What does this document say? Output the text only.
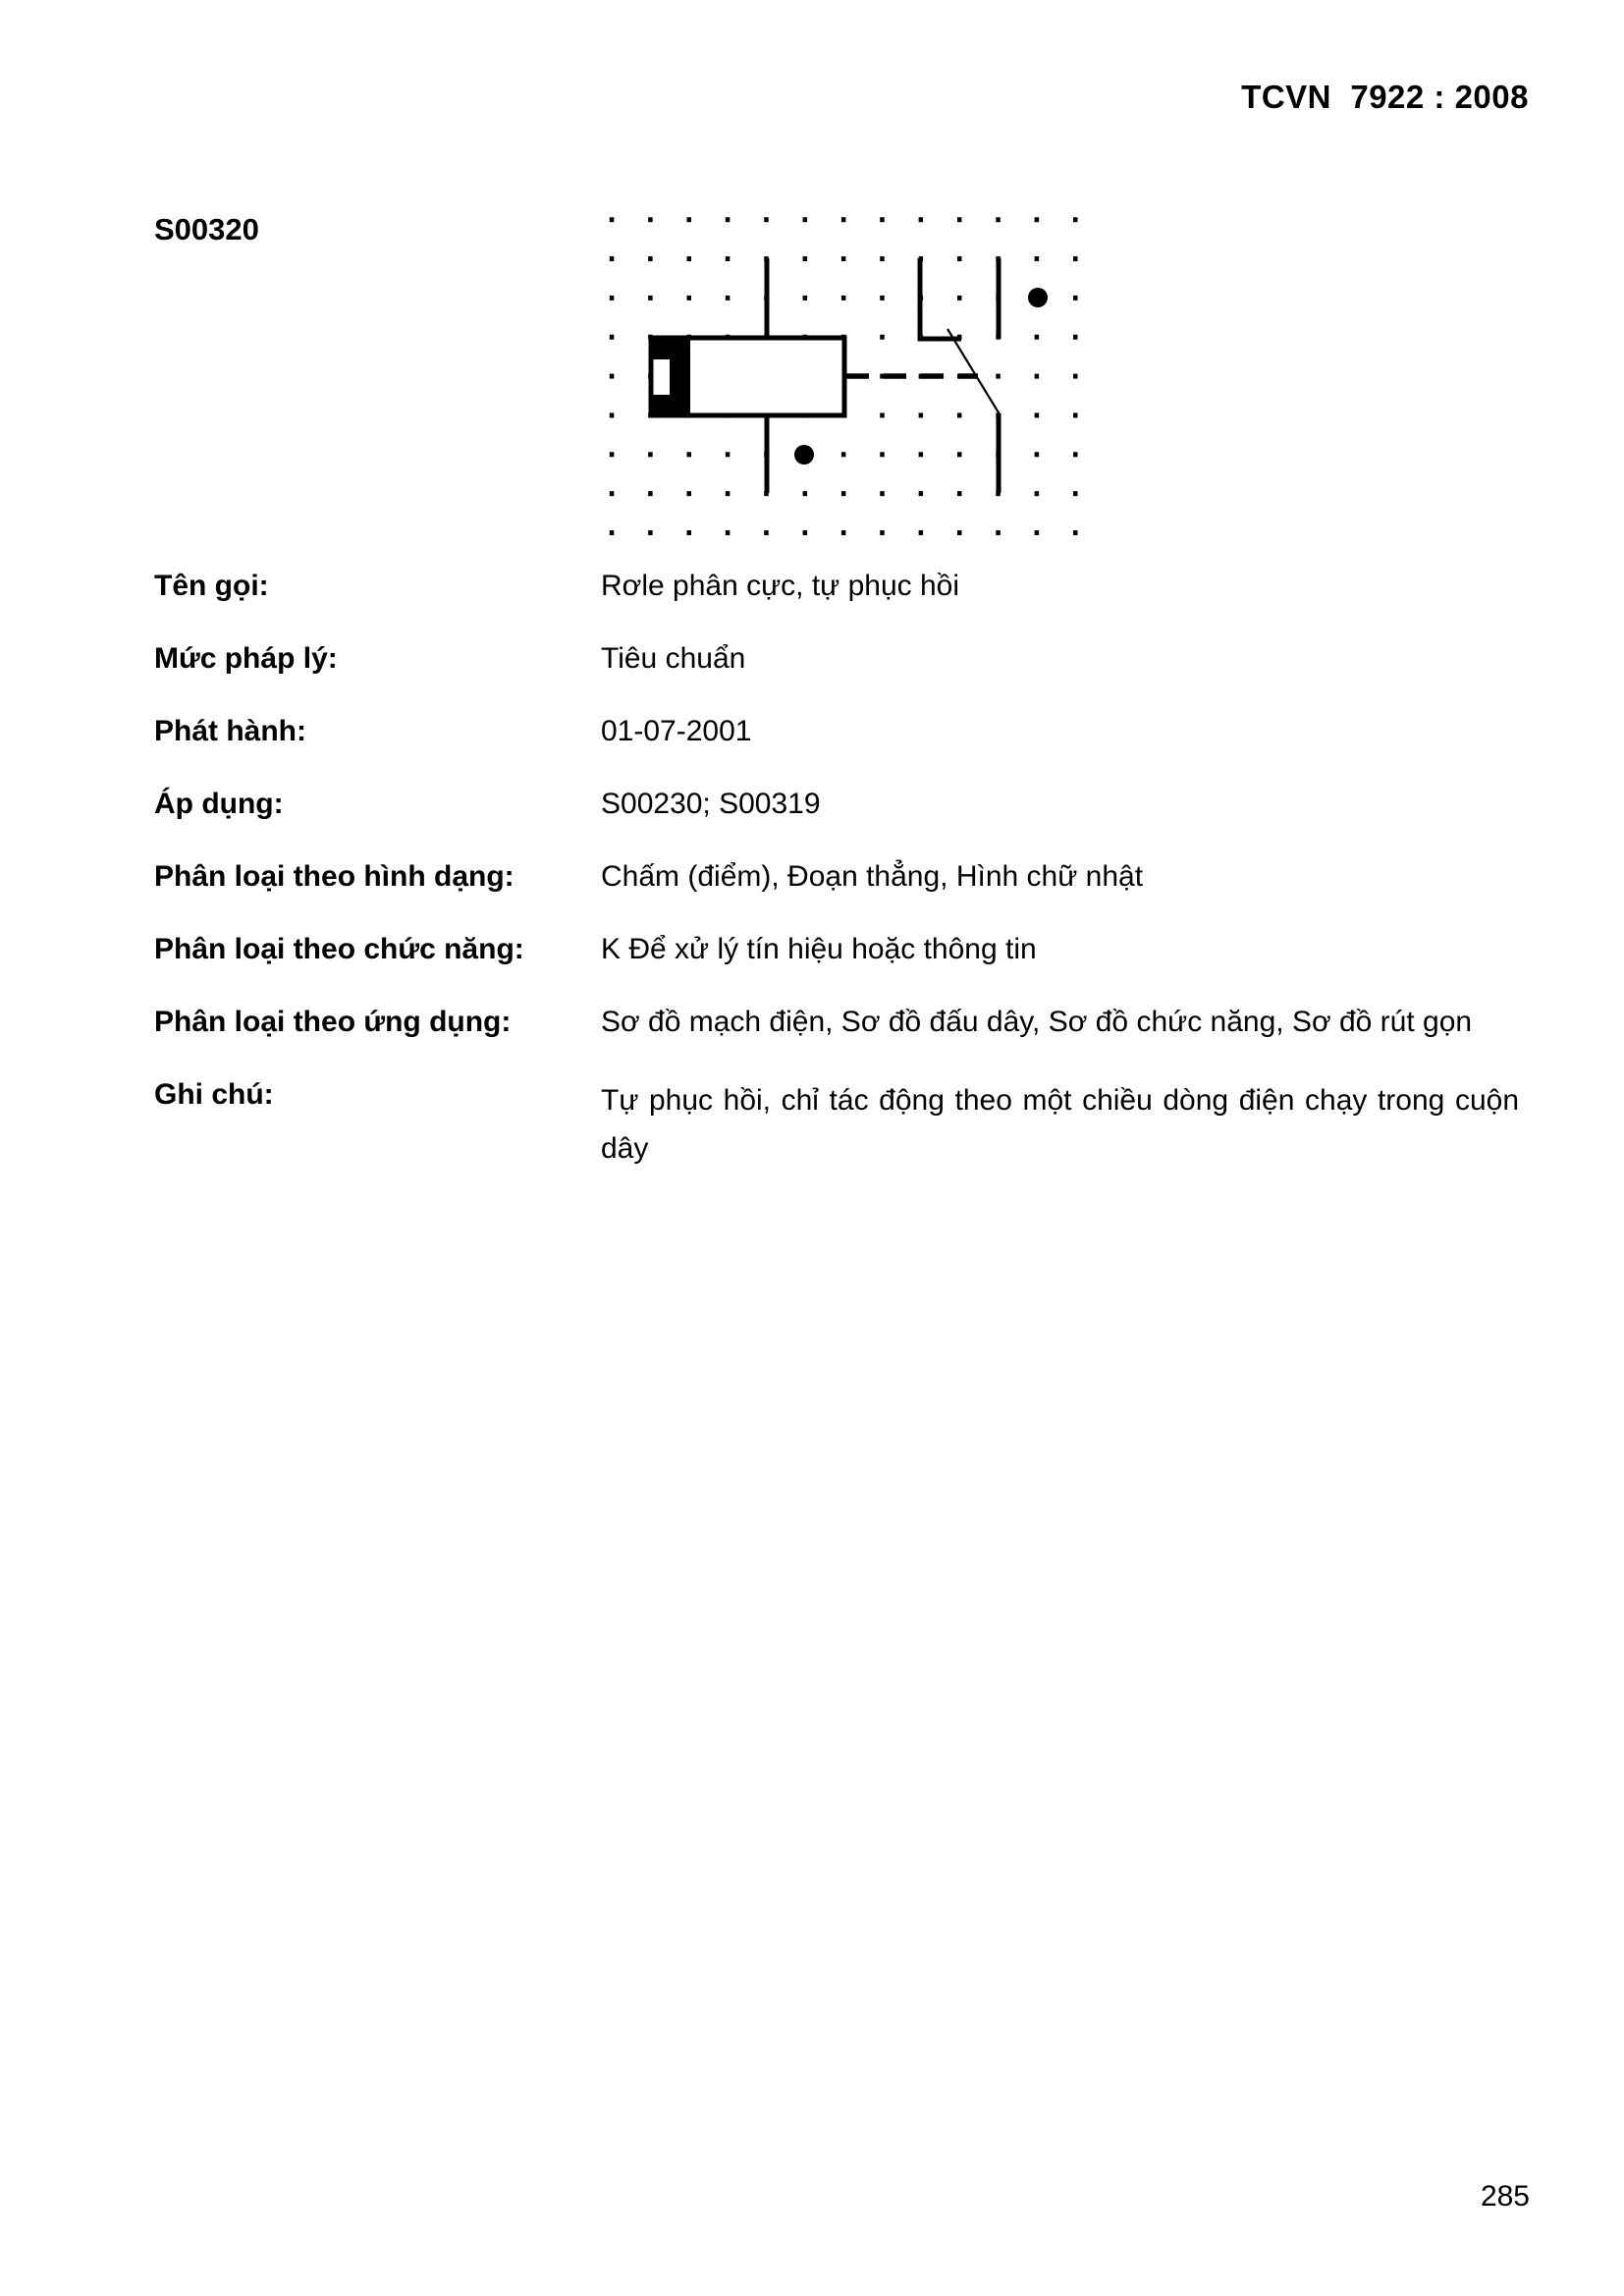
TCVN  7922 : 2008
S00320
Tên gọi:	Rơle phân cực, tự phục hồi
Mức pháp lý:	Tiêu chuẩn
Phát hành:	01-07-2001
Áp dụng:	S00230; S00319
Phân loại theo hình dạng:	Chấm (điểm), Đoạn thẳng, Hình chữ nhật
Phân loại theo chức năng:	K Để xử lý tín hiệu hoặc thông tin
Phân loại theo ứng dụng:	Sơ đồ mạch điện, Sơ đồ đấu dây, Sơ đồ chức năng, Sơ đồ rút gọn
Ghi chú:	Tự phục hồi, chỉ tác động theo một chiều dòng điện chạy trong cuộn dây
285
